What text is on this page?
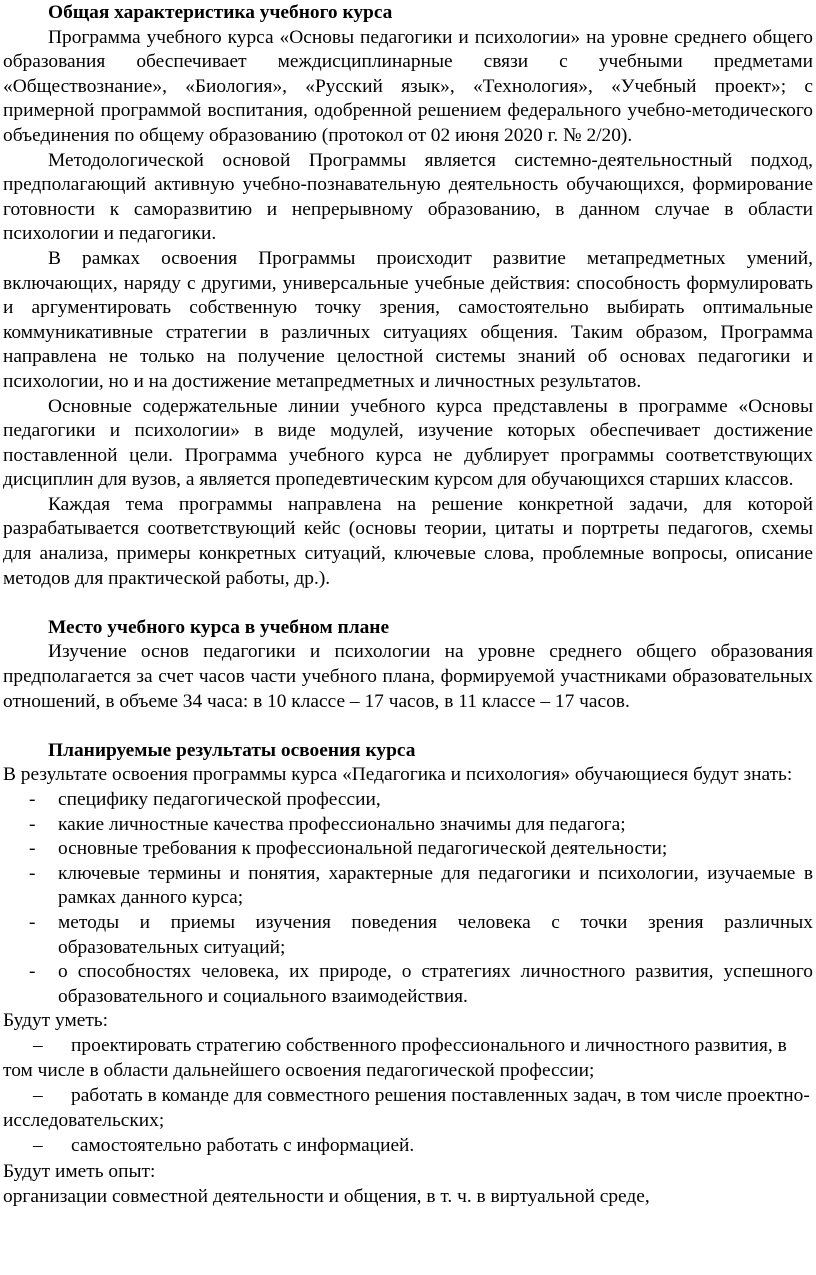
Общая характеристика учебного курса

Программа учебного курса «Основы педагогики и психологии» на уровне среднего общего образования обеспечивает междисциплинарные связи с учебными предметами «Обществознание», «Биология», «Русский язык», «Технология», «Учебный проект»; с примерной программой воспитания, одобренной решением федерального учебно-методического объединения по общему образованию (протокол от 02 июня 2020 г. № 2/20).

Методологической основой Программы является системно-деятельностный подход, предполагающий активную учебно-познавательную деятельность обучающихся, формирование готовности к саморазвитию и непрерывному образованию, в данном случае в области психологии и педагогики.

В рамках освоения Программы происходит развитие метапредметных умений, включающих, наряду с другими, универсальные учебные действия: способность формулировать и аргументировать собственную точку зрения, самостоятельно выбирать оптимальные коммуникативные стратегии в различных ситуациях общения. Таким образом, Программа направлена не только на получение целостной системы знаний об основах педагогики и психологии, но и на достижение метапредметных и личностных результатов.

Основные содержательные линии учебного курса представлены в программе «Основы педагогики и психологии» в виде модулей, изучение которых обеспечивает достижение поставленной цели. Программа учебного курса не дублирует программы соответствующих дисциплин для вузов, а является пропедевтическим курсом для обучающихся старших классов.

Каждая тема программы направлена на решение конкретной задачи, для которой разрабатывается соответствующий кейс (основы теории, цитаты и портреты педагогов, схемы для анализа, примеры конкретных ситуаций, ключевые слова, проблемные вопросы, описание методов для практической работы, др.).

Место учебного курса в учебном плане

Изучение основ педагогики и психологии на уровне среднего общего образования предполагается за счет часов части учебного плана, формируемой участниками образовательных отношений, в объеме 34 часа: в 10 классе – 17 часов, в 11 классе – 17 часов.

Планируемые результаты освоения курса

В результате освоения программы курса «Педагогика и психология» обучающиеся будут знать:

- специфику педагогической профессии,
- какие личностные качества профессионально значимы для педагога;
- основные требования к профессиональной педагогической деятельности;
- ключевые термины и понятия, характерные для педагогики и психологии, изучаемые в рамках данного курса;
- методы и приемы изучения поведения человека с точки зрения различных образовательных ситуаций;
- о способностях человека, их природе, о стратегиях личностного развития, успешного образовательного и социального взаимодействия.

Будут уметь:

– проектировать стратегию собственного профессионального и личностного развития, в том числе в области дальнейшего освоения педагогической профессии;
– работать в команде для совместного решения поставленных задач, в том числе проектно-исследовательских;
– самостоятельно работать с информацией.

Будут иметь опыт:

организации совместной деятельности и общения, в т. ч. в виртуальной среде,
